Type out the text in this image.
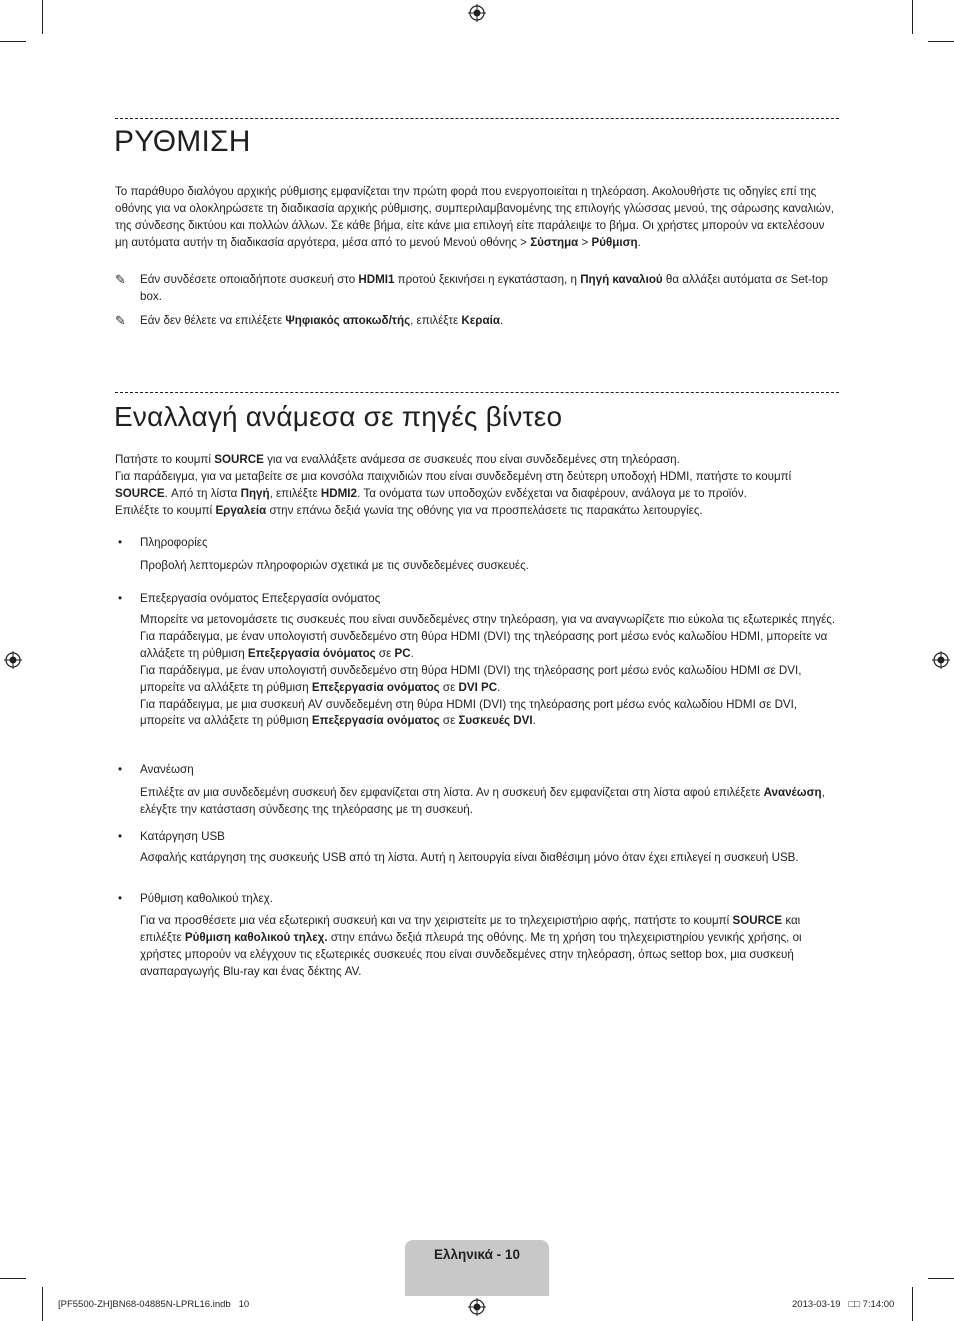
ΡΥΘΜΙΣΗ

Το παράθυρο διαλόγου αρχικής ρύθμισης εμφανίζεται την πρώτη φορά που ενεργοποιείται η τηλεόραση. Ακολουθήστε τις οδηγίες επί της οθόνης για να ολοκληρώσετε τη διαδικασία αρχικής ρύθμισης, συμπεριλαμβανομένης της επιλογής γλώσσας μενού, της σάρωσης καναλιών, της σύνδεσης δικτύου και πολλών άλλων. Σε κάθε βήμα, είτε κάνε μια επιλογή είτε παράλειψε το βήμα. Οι χρήστες μπορούν να εκτελέσουν μη αυτόματα αυτήν τη διαδικασία αργότερα, μέσα από το μενού Μενού οθόνης > Σύστημα > Ρύθμιση.

✎	Εάν συνδέσετε οποιαδήποτε συσκευή στο HDMI1 προτού ξεκινήσει η εγκατάσταση, η Πηγή καναλιού θα αλλάξει αυτόματα σε Set-top box.
✎	Εάν δεν θέλετε να επιλέξετε Ψηφιακός αποκωδ/τής, επιλέξτε Κεραία.
Εναλλαγή ανάμεσα σε πηγές βίντεο

Πατήστε το κουμπί SOURCE για να εναλλάξετε ανάμεσα σε συσκευές που είναι συνδεδεμένες στη τηλεόραση.

Για παράδειγμα, για να μεταβείτε σε μια κονσόλα παιχνιδιών που είναι συνδεδεμένη στη δεύτερη υποδοχή HDMI, πατήστε το κουμπί SOURCE. Από τη λίστα Πηγή, επιλέξτε HDMI2. Τα ονόματα των υποδοχών ενδέχεται να διαφέρουν, ανάλογα με το προϊόν.

Επιλέξτε το κουμπί Εργαλεία στην επάνω δεξιά γωνία της οθόνης για να προσπελάσετε τις παρακάτω λειτουργίες.

• Πληροφορίες

Προβολή λεπτομερών πληροφοριών σχετικά με τις συνδεδεμένες συσκευές.

• Επεξεργασία ονόματος Επεξεργασία ονόματος

Μπορείτε να μετονομάσετε τις συσκευές που είναι συνδεδεμένες στην τηλεόραση, για να αναγνωρίζετε πιο εύκολα τις εξωτερικές πηγές.

Για παράδειγμα, με έναν υπολογιστή συνδεδεμένο στη θύρα HDMI (DVI) της τηλεόρασης port μέσω ενός καλωδίου HDMI, μπορείτε να αλλάξετε τη ρύθμιση Επεξεργασία όνόματος σε PC.

Για παράδειγμα, με έναν υπολογιστή συνδεδεμένο στη θύρα HDMI (DVI) της τηλεόρασης port μέσω ενός καλωδίου HDMI σε DVI, μπορείτε να αλλάξετε τη ρύθμιση Επεξεργασία ονόματος σε DVI PC.

Για παράδειγμα, με μια συσκευή AV συνδεδεμένη στη θύρα HDMI (DVI) της τηλεόρασης port μέσω ενός καλωδίου HDMI σε DVI, μπορείτε να αλλάξετε τη ρύθμιση Επεξεργασία ονόματος σε Συσκευές DVI.

• Ανανέωση

Επιλέξτε αν μια συνδεδεμένη συσκευή δεν εμφανίζεται στη λίστα. Αν η συσκευή δεν εμφανίζεται στη λίστα αφού επιλέξετε Ανανέωση, ελέγξτε την κατάσταση σύνδεσης της τηλεόρασης με τη συσκευή.

• Κατάργηση USB

Ασφαλής κατάργηση της συσκευής USB από τη λίστα. Αυτή η λειτουργία είναι διαθέσιμη μόνο όταν έχει επιλεγεί η συσκευή USB.

• Ρύθμιση καθολικού τηλεχ.

Για να προσθέσετε μια νέα εξωτερική συσκευή και να την χειριστείτε με το τηλεχειριστήριο αφής, πατήστε το κουμπί SOURCE και επιλέξτε Ρύθμιση καθολικού τηλεχ. στην επάνω δεξιά πλευρά της οθόνης. Με τη χρήση του τηλεχειριστηρίου γενικής χρήσης, οι χρήστες μπορούν να ελέγχουν τις εξωτερικές συσκευές που είναι συνδεδεμένες στην τηλεόραση, όπως settop box, μια συσκευή αναπαραγωγής Blu-ray και ένας δέκτης AV.

Ελληνικά - 10
[PF5500-ZH]BN68-04885N-LPRL16.indb   10	2013-03-19   □□ 7:14:00
